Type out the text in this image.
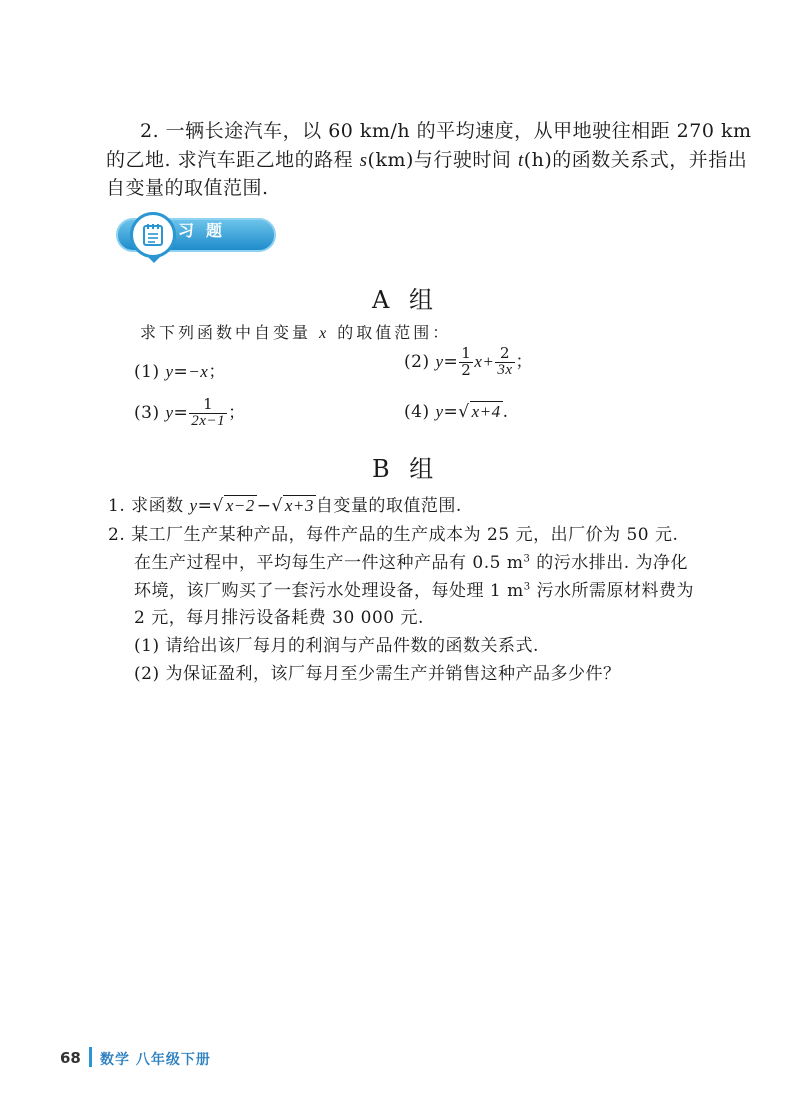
2. 一辆长途汽车，以 60 km/h 的平均速度，从甲地驶往相距 270 km
的乙地. 求汽车距乙地的路程 s(km)与行驶时间 t(h)的函数关系式，并指出
自变量的取值范围.
习题
A 组
求下列函数中自变量 x 的取值范围：
(1) y=−x；
(2) $y= \frac{1}{2} x+ \frac{2}{3x}$ ；
(3) $y= \frac{1}{2x-1}$ ；	(4) y=√ x+4 .
B 组
1. 求函数 y=√ x−2 −√ x+3 自变量的取值范围.
2. 某工厂生产某种产品，每件产品的生产成本为 25 元，出厂价为 50 元.
在生产过程中，平均每生产一件这种产品有 0.5 $m^3$ 的污水排出. 为净化
环境，该厂购买了一套污水处理设备，每处理 1 $m^3$ 污水所需原材料费为
2 元，每月排污设备耗费 30 000 元.
(1) 请给出该厂每月的利润与产品件数的函数关系式.
(2) 为保证盈利，该厂每月至少需生产并销售这种产品多少件？
68 数学 八年级下册
